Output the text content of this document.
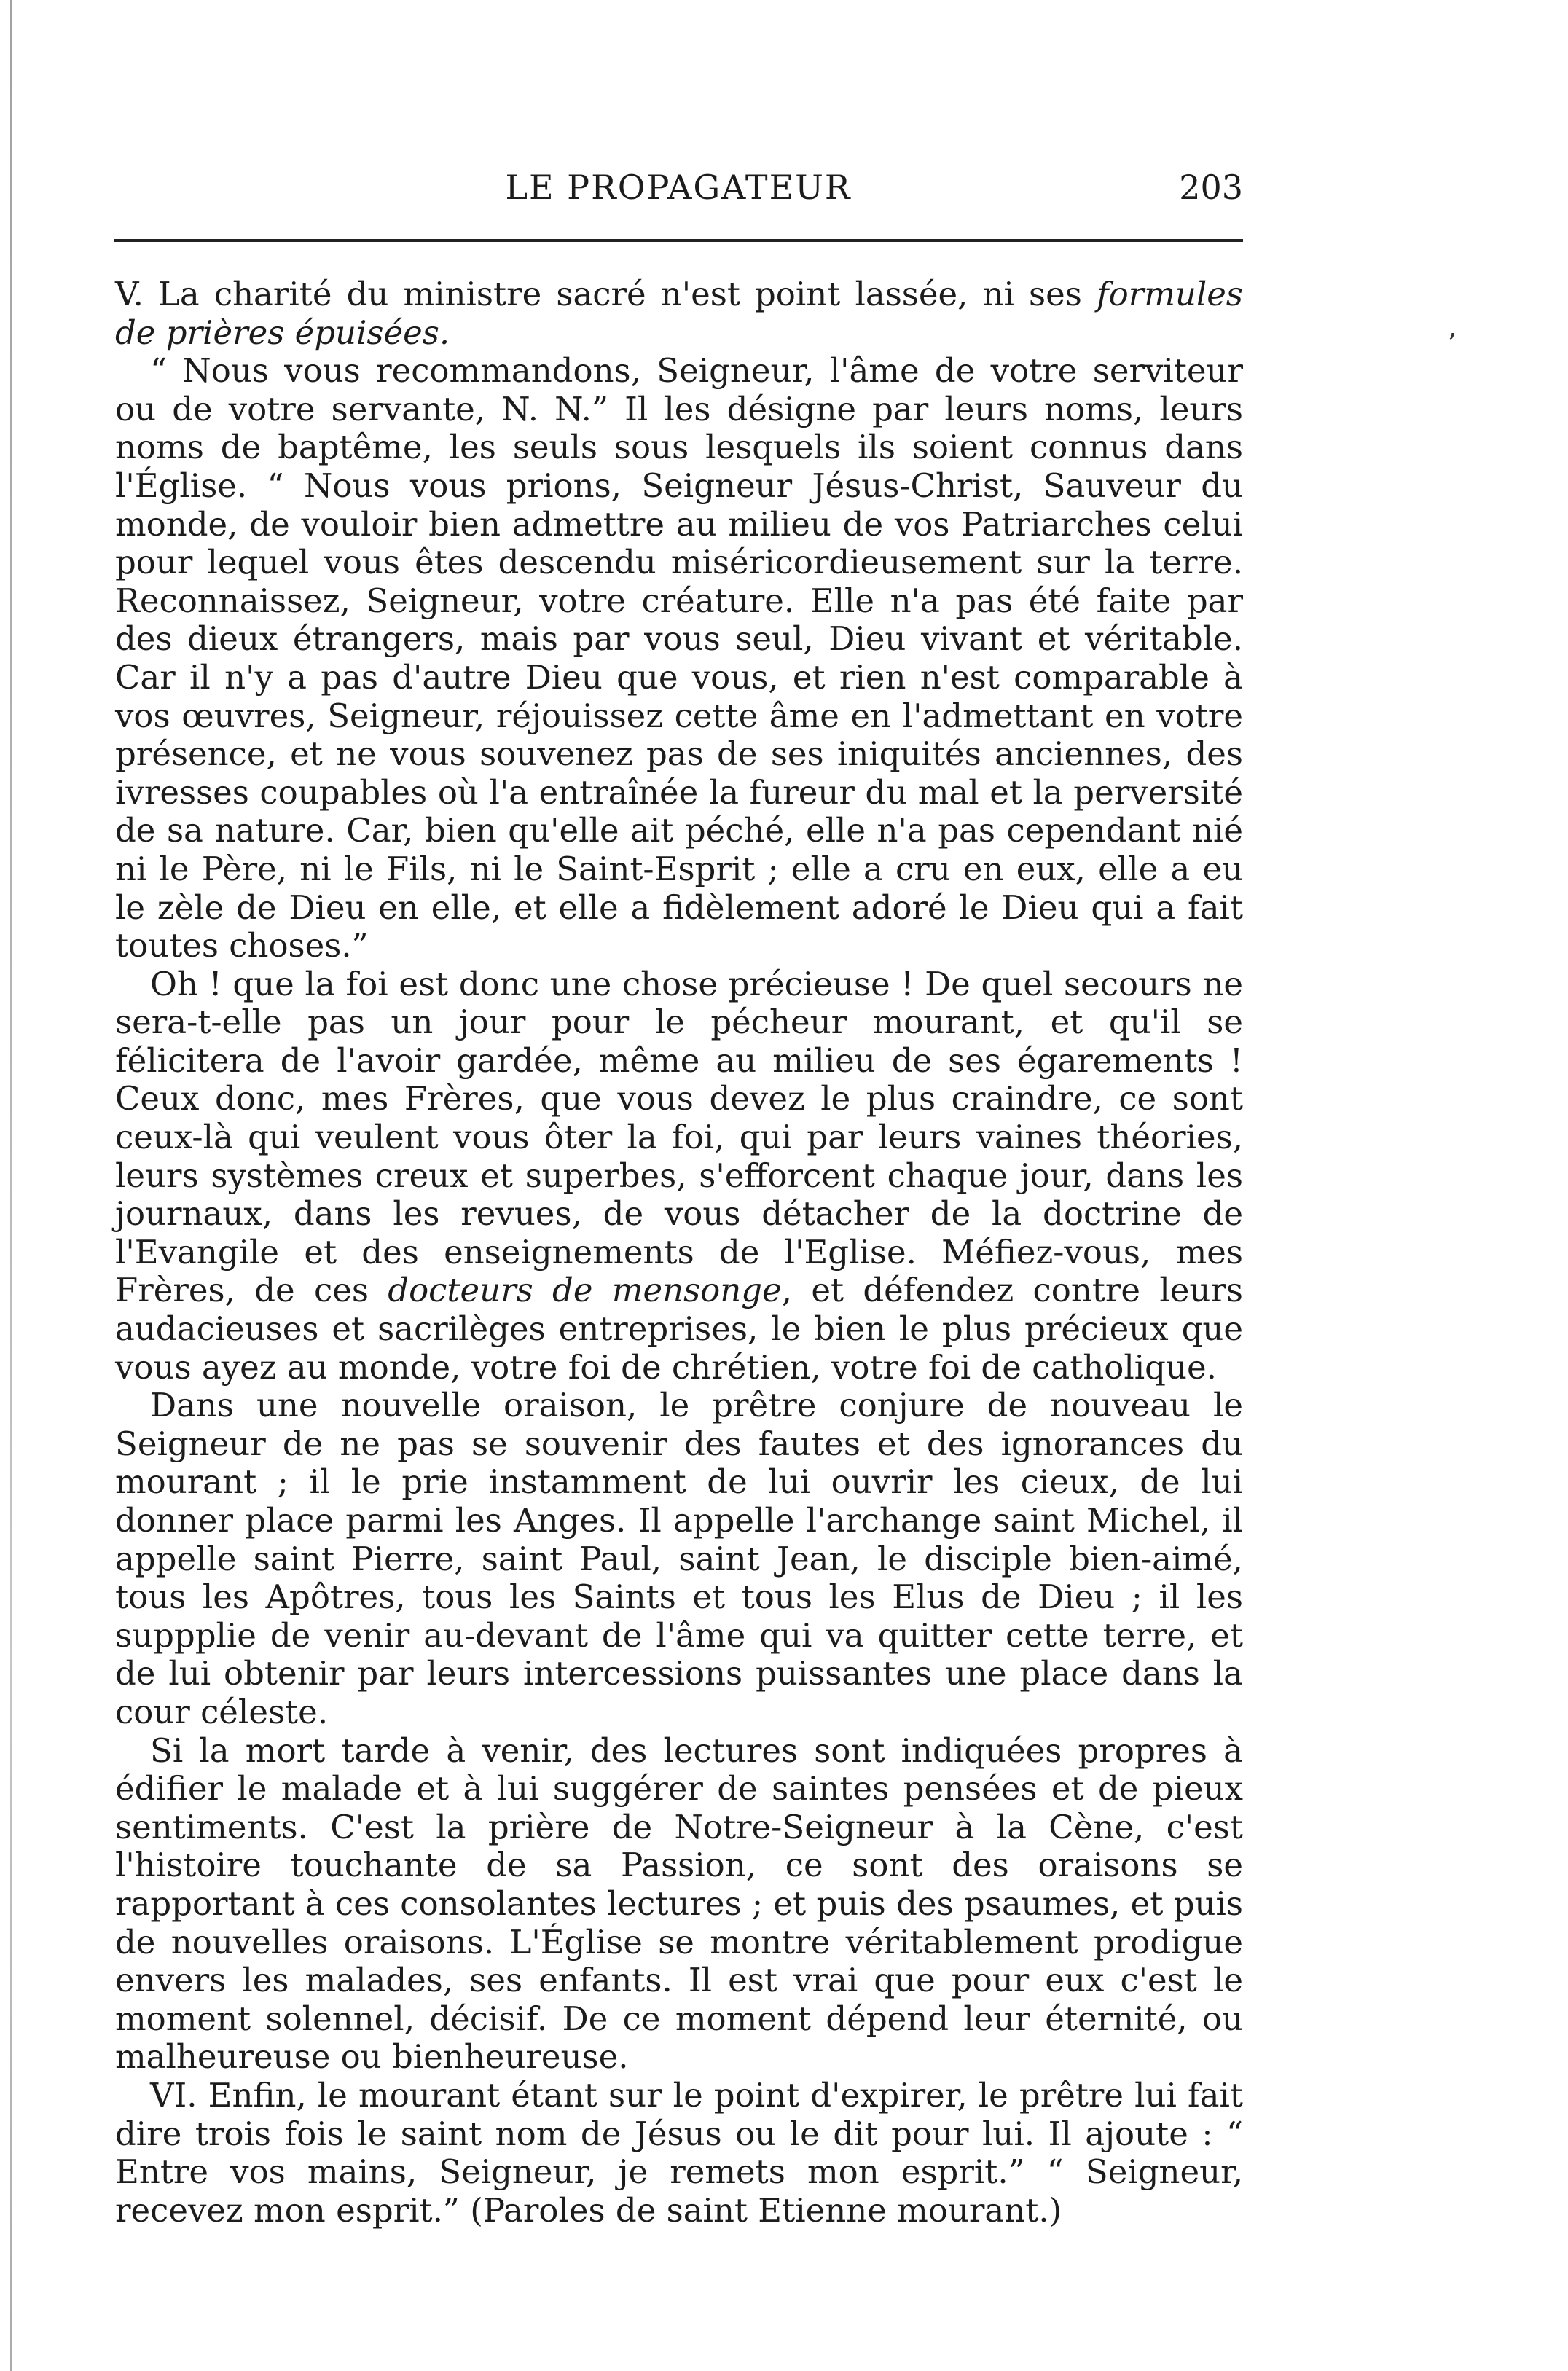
LE PROPAGATEUR	203
ʼ

V. La charité du ministre sacré n'est point lassée, ni ses formules de prières épuisées.

“ Nous vous recommandons, Seigneur, l'âme de votre serviteur ou de votre servante, N. N.” Il les désigne par leurs noms, leurs noms de baptême, les seuls sous lesquels ils soient connus dans l'Église. “ Nous vous prions, Seigneur Jésus-Christ, Sauveur du monde, de vouloir bien admettre au milieu de vos Patriarches celui pour lequel vous êtes descendu miséricordieusement sur la terre. Reconnaissez, Seigneur, votre créature. Elle n'a pas été faite par des dieux étrangers, mais par vous seul, Dieu vivant et véritable. Car il n'y a pas d'autre Dieu que vous, et rien n'est comparable à vos œuvres, Seigneur, réjouissez cette âme en l'admettant en votre présence, et ne vous souvenez pas de ses iniquités anciennes, des ivresses coupables où l'a entraînée la fureur du mal et la perversité de sa nature. Car, bien qu'elle ait péché, elle n'a pas cependant nié ni le Père, ni le Fils, ni le Saint-Esprit ; elle a cru en eux, elle a eu le zèle de Dieu en elle, et elle a fidèlement adoré le Dieu qui a fait toutes choses.”

Oh ! que la foi est donc une chose précieuse ! De quel secours ne sera-t-elle pas un jour pour le pécheur mourant, et qu'il se félicitera de l'avoir gardée, même au milieu de ses égarements ! Ceux donc, mes Frères, que vous devez le plus craindre, ce sont ceux-là qui veulent vous ôter la foi, qui par leurs vaines théories, leurs systèmes creux et superbes, s'efforcent chaque jour, dans les journaux, dans les revues, de vous détacher de la doctrine de l'Evangile et des enseignements de l'Eglise. Méfiez-vous, mes Frères, de ces docteurs de mensonge, et défendez contre leurs audacieuses et sacrilèges entreprises, le bien le plus précieux que vous ayez au monde, votre foi de chrétien, votre foi de catholique.

Dans une nouvelle oraison, le prêtre conjure de nouveau le Seigneur de ne pas se souvenir des fautes et des ignorances du mourant ; il le prie instamment de lui ouvrir les cieux, de lui donner place parmi les Anges. Il appelle l'archange saint Michel, il appelle saint Pierre, saint Paul, saint Jean, le disciple bien-aimé, tous les Apôtres, tous les Saints et tous les Elus de Dieu ; il les suppplie de venir au-devant de l'âme qui va quitter cette terre, et de lui obtenir par leurs intercessions puissantes une place dans la cour céleste.

Si la mort tarde à venir, des lectures sont indiquées propres à édifier le malade et à lui suggérer de saintes pensées et de pieux sentiments. C'est la prière de Notre-Seigneur à la Cène, c'est l'histoire touchante de sa Passion, ce sont des oraisons se rapportant à ces consolantes lectures ; et puis des psaumes, et puis de nouvelles oraisons. L'Église se montre véritablement prodigue envers les malades, ses enfants. Il est vrai que pour eux c'est le moment solennel, décisif. De ce moment dépend leur éternité, ou malheureuse ou bienheureuse.

VI. Enfin, le mourant étant sur le point d'expirer, le prêtre lui fait dire trois fois le saint nom de Jésus ou le dit pour lui. Il ajoute : “ Entre vos mains, Seigneur, je remets mon esprit.” “ Seigneur, recevez mon esprit.” (Paroles de saint Etienne mourant.)
